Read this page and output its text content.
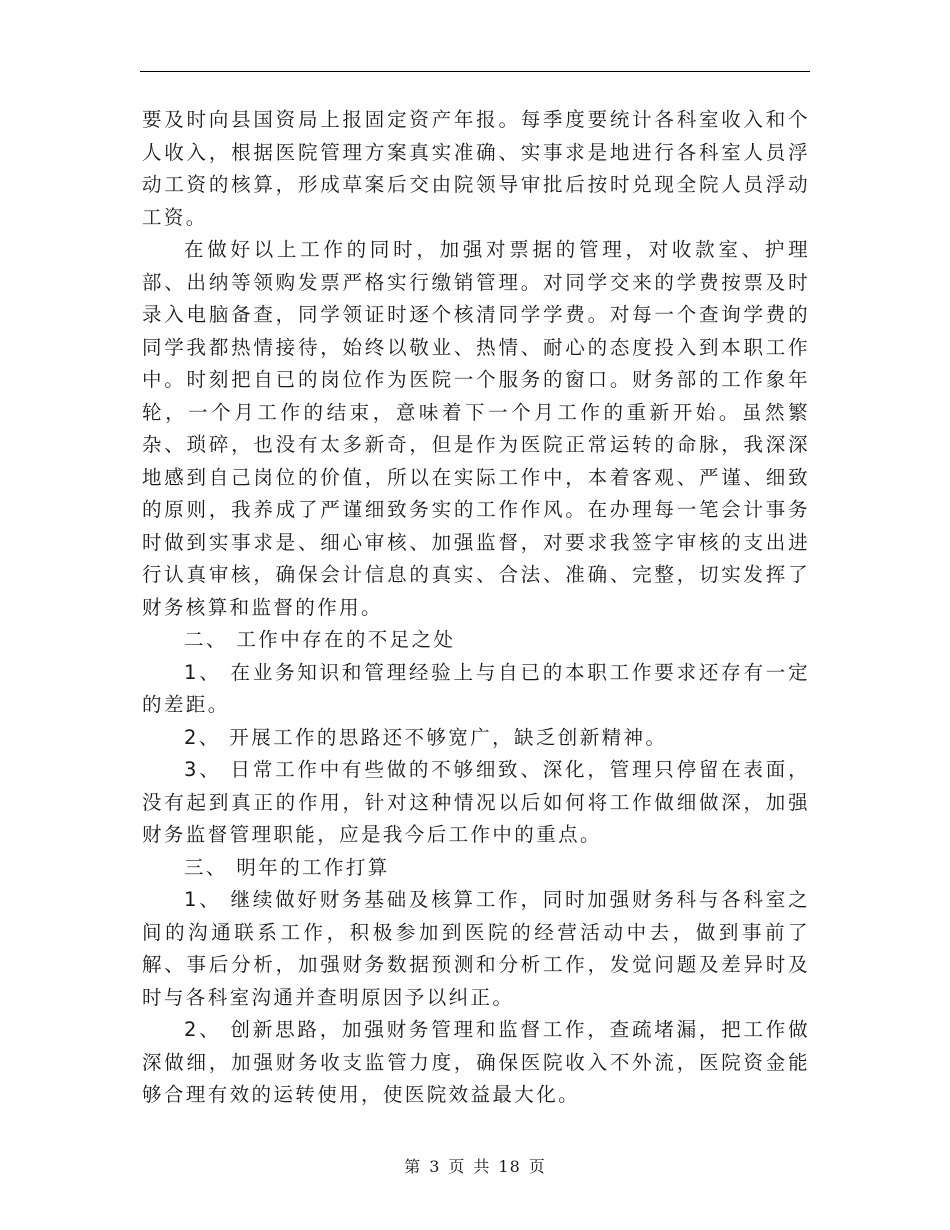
要及时向县国资局上报固定资产年报。每季度要统计各科室收入和个人收入，根据医院管理方案真实准确、实事求是地进行各科室人员浮动工资的核算，形成草案后交由院领导审批后按时兑现全院人员浮动工资。

在做好以上工作的同时，加强对票据的管理，对收款室、护理部、出纳等领购发票严格实行缴销管理。对同学交来的学费按票及时录入电脑备查，同学领证时逐个核清同学学费。对每一个查询学费的同学我都热情接待，始终以敬业、热情、耐心的态度投入到本职工作中。时刻把自已的岗位作为医院一个服务的窗口。财务部的工作象年轮，一个月工作的结束，意味着下一个月工作的重新开始。虽然繁杂、琐碎，也没有太多新奇，但是作为医院正常运转的命脉，我深深地感到自己岗位的价值，所以在实际工作中，本着客观、严谨、细致的原则，我养成了严谨细致务实的工作作风。在办理每一笔会计事务时做到实事求是、细心审核、加强监督，对要求我签字审核的支出进行认真审核，确保会计信息的真实、合法、准确、完整，切实发挥了财务核算和监督的作用。

二、 工作中存在的不足之处

1、 在业务知识和管理经验上与自已的本职工作要求还存有一定的差距。

2、 开展工作的思路还不够宽广，缺乏创新精神。

3、 日常工作中有些做的不够细致、深化，管理只停留在表面，没有起到真正的作用，针对这种情况以后如何将工作做细做深，加强财务监督管理职能，应是我今后工作中的重点。

三、 明年的工作打算

1、 继续做好财务基础及核算工作，同时加强财务科与各科室之间的沟通联系工作，积极参加到医院的经营活动中去，做到事前了解、事后分析，加强财务数据预测和分析工作，发觉问题及差异时及时与各科室沟通并查明原因予以纠正。

2、 创新思路，加强财务管理和监督工作，查疏堵漏，把工作做深做细，加强财务收支监管力度，确保医院收入不外流，医院资金能够合理有效的运转使用，使医院效益最大化。

第 3 页 共 18 页
